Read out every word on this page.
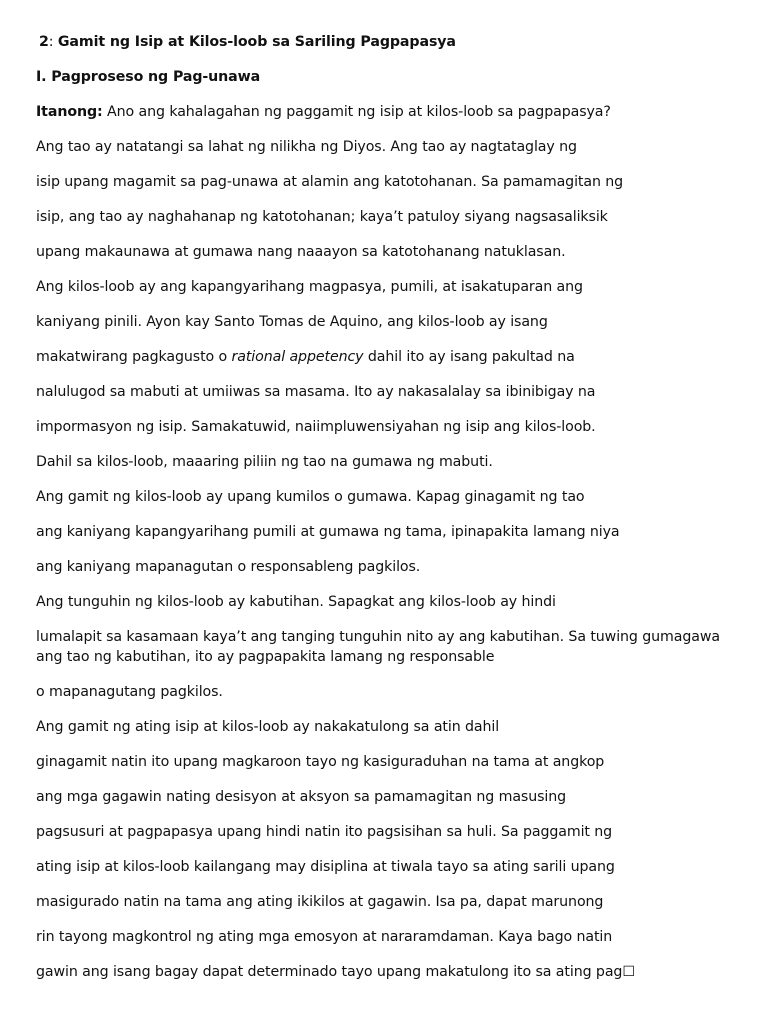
2: Gamit ng Isip at Kilos-loob sa Sariling Pagpapasya
I. Pagproseso ng Pag-unawa
Itanong: Ano ang kahalagahan ng paggamit ng isip at kilos-loob sa pagpapasya?
Ang tao ay natatangi sa lahat ng nilikha ng Diyos. Ang tao ay nagtataglay ng
isip upang magamit sa pag-unawa at alamin ang katotohanan. Sa pamamagitan ng
isip, ang tao ay naghahanap ng katotohanan; kaya’t patuloy siyang nagsasaliksik
upang makaunawa at gumawa nang naaayon sa katotohanang natuklasan.
Ang kilos-loob ay ang kapangyarihang magpasya, pumili, at isakatuparan ang
kaniyang pinili. Ayon kay Santo Tomas de Aquino, ang kilos-loob ay isang
makatwirang pagkagusto o rational appetency dahil ito ay isang pakultad na
nalulugod sa mabuti at umiiwas sa masama. Ito ay nakasalalay sa ibinibigay na
impormasyon ng isip. Samakatuwid, naiimpluwensiyahan ng isip ang kilos-loob.
Dahil sa kilos-loob, maaaring piliin ng tao na gumawa ng mabuti.
Ang gamit ng kilos-loob ay upang kumilos o gumawa. Kapag ginagamit ng tao
ang kaniyang kapangyarihang pumili at gumawa ng tama, ipinapakita lamang niya
ang kaniyang mapanagutan o responsableng pagkilos.
Ang tunguhin ng kilos-loob ay kabutihan. Sapagkat ang kilos-loob ay hindi
lumalapit sa kasamaan kaya’t ang tanging tunguhin nito ay ang kabutihan. Sa tuwing gumagawa ang tao ng kabutihan, ito ay pagpapakita lamang ng responsable
o mapanagutang pagkilos.
Ang gamit ng ating isip at kilos-loob ay nakakatulong sa atin dahil
ginagamit natin ito upang magkaroon tayo ng kasiguraduhan na tama at angkop
ang mga gagawin nating desisyon at aksyon sa pamamagitan ng masusing
pagsusuri at pagpapasya upang hindi natin ito pagsisihan sa huli. Sa paggamit ng
ating isip at kilos-loob kailangang may disiplina at tiwala tayo sa ating sarili upang
masigurado natin na tama ang ating ikikilos at gagawin. Isa pa, dapat marunong
rin tayong magkontrol ng ating mga emosyon at nararamdaman. Kaya bago natin
gawin ang isang bagay dapat determinado tayo upang makatulong ito sa ating pag☐
